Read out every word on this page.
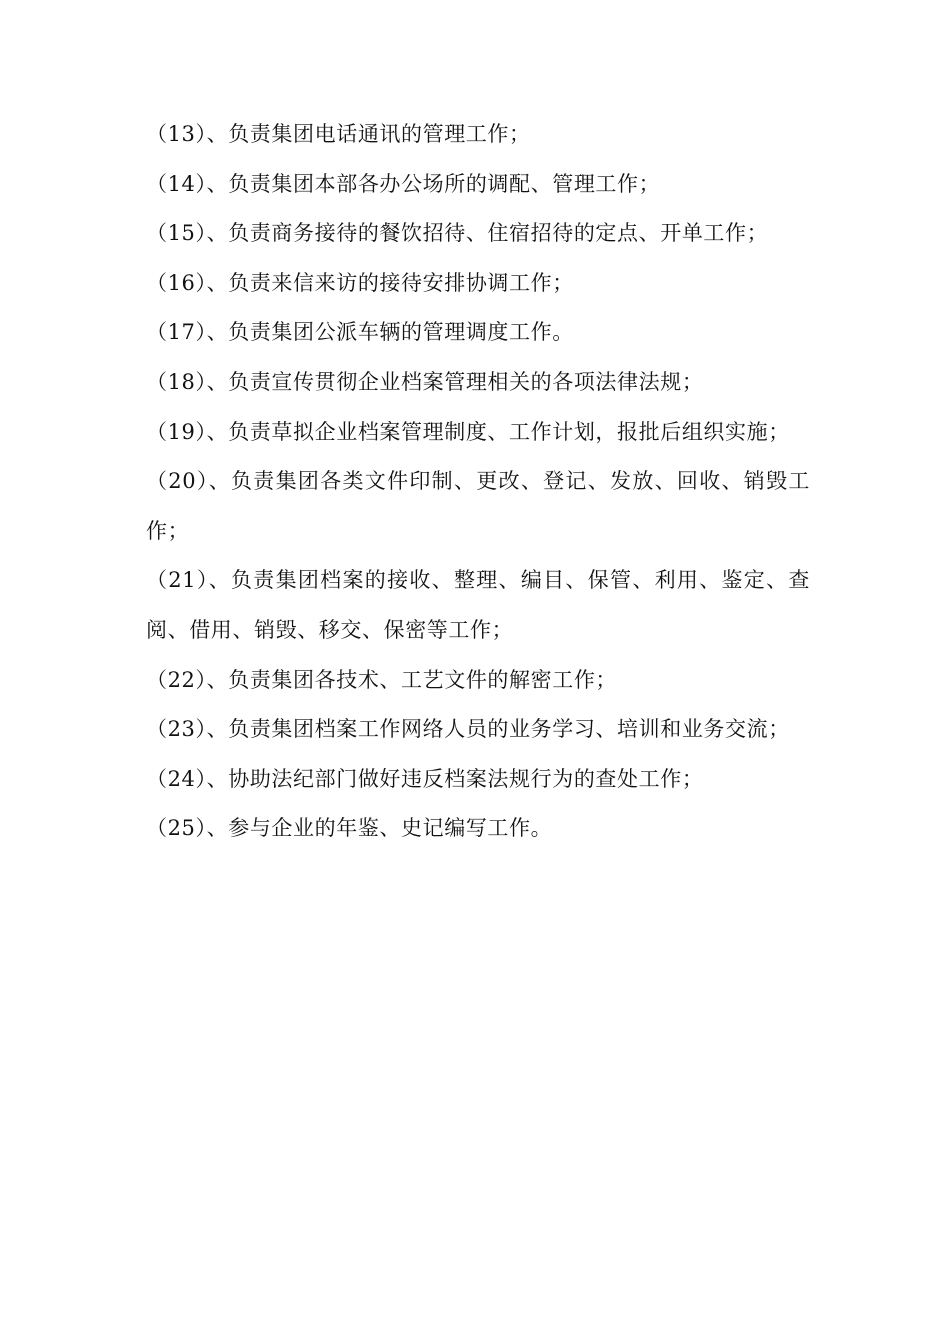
（13）、负责集团电话通讯的管理工作；
（14）、负责集团本部各办公场所的调配、管理工作；
（15）、负责商务接待的餐饮招待、住宿招待的定点、开单工作；
（16）、负责来信来访的接待安排协调工作；
（17）、负责集团公派车辆的管理调度工作。
（18）、负责宣传贯彻企业档案管理相关的各项法律法规；
（19）、负责草拟企业档案管理制度、工作计划，报批后组织实施；
（20）、负责集团各类文件印制、更改、登记、发放、回收、销毁工作；
（21）、负责集团档案的接收、整理、编目、保管、利用、鉴定、查阅、借用、销毁、移交、保密等工作；
（22）、负责集团各技术、工艺文件的解密工作；
（23）、负责集团档案工作网络人员的业务学习、培训和业务交流；
（24）、协助法纪部门做好违反档案法规行为的查处工作；
（25）、参与企业的年鉴、史记编写工作。
